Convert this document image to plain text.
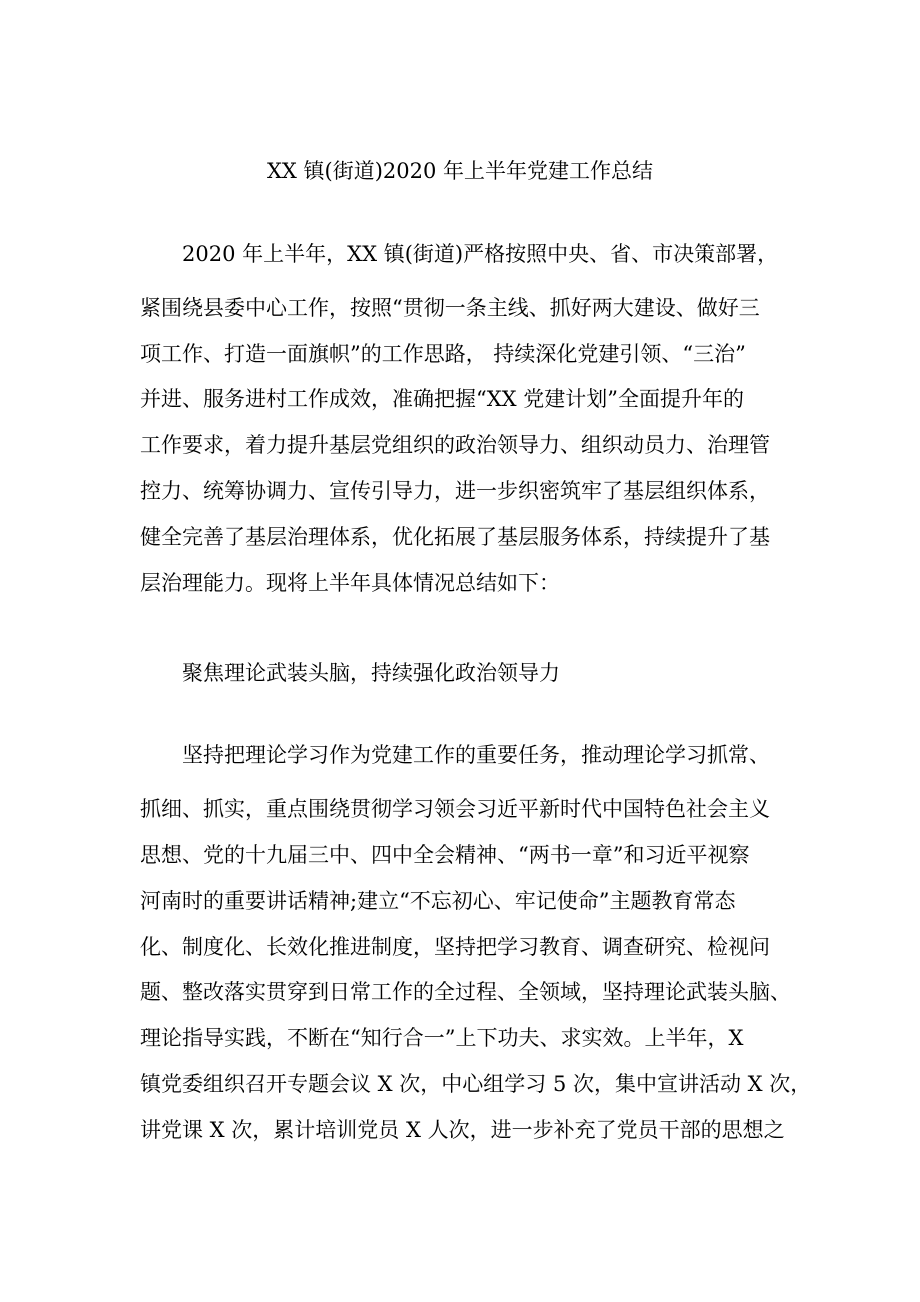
XX 镇(街道)2020 年上半年党建工作总结

2020 年上半年，XX 镇(街道)严格按照中央、省、市决策部署，

紧围绕县委中心工作，按照“贯彻一条主线、抓好两大建设、做好三

项工作、打造一面旗帜”的工作思路， 持续深化党建引领、“三治”

并进、服务进村工作成效，准确把握“XX 党建计划”全面提升年的

工作要求，着力提升基层党组织的政治领导力、组织动员力、治理管

控力、统筹协调力、宣传引导力，进一步织密筑牢了基层组织体系，

健全完善了基层治理体系，优化拓展了基层服务体系，持续提升了基

层治理能力。现将上半年具体情况总结如下：

聚焦理论武装头脑，持续强化政治领导力

坚持把理论学习作为党建工作的重要任务，推动理论学习抓常、

抓细、抓实，重点围绕贯彻学习领会习近平新时代中国特色社会主义

思想、党的十九届三中、四中全会精神、“两书一章”和习近平视察

河南时的重要讲话精神;建立“不忘初心、牢记使命”主题教育常态

化、制度化、长效化推进制度，坚持把学习教育、调查研究、检视问

题、整改落实贯穿到日常工作的全过程、全领域，坚持理论武装头脑、

理论指导实践，不断在“知行合一”上下功夫、求实效。上半年，X

镇党委组织召开专题会议 X 次，中心组学习 5 次，集中宣讲活动 X 次，

讲党课 X 次，累计培训党员 X 人次，进一步补充了党员干部的思想之
